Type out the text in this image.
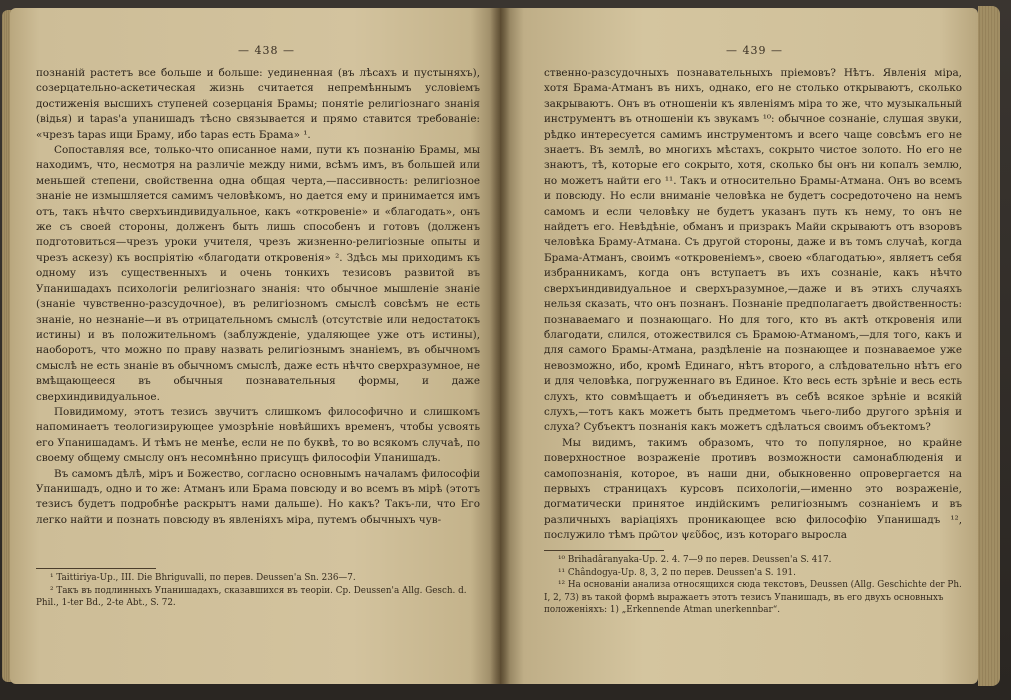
— 438 —

познаній растетъ все больше и больше: уединенная (въ лѣсахъ и пустыняхъ), созерцательно-аскетическая жизнь считается непремѣннымъ условіемъ достиженія высшихъ ступеней созерцанія Брамы; понятіе религіознаго знанія (відья) и tapas'а упанишадъ тѣсно связывается и прямо ставится требованіе: «чрезъ tapas ищи Браму, ибо tapas есть Брама» ¹.

Сопоставляя все, только-что описанное нами, пути къ познанію Брамы, мы находимъ, что, несмотря на различіе между ними, всѣмъ имъ, въ большей или меньшей степени, свойственна одна общая черта,—пассивность: религіозное знаніе не измышляется самимъ человѣкомъ, но дается ему и принимается имъ отъ, такъ нѣчто сверхъиндивидуальное, какъ «откровеніе» и «благодать», онъ же съ своей стороны, долженъ быть лишь способенъ и готовъ (долженъ подготовиться—чрезъ уроки учителя, чрезъ жизненно-религіозные опыты и чрезъ аскезу) къ воспріятію «благодати откровенія» ². Здѣсь мы приходимъ къ одному изъ существенныхъ и очень тонкихъ тезисовъ развитой въ Упанишадахъ психологіи религіознаго знанія: что обычное мышленіе знаніе (знаніе чувственно-разсудочное), въ религіозномъ смыслѣ совсѣмъ не есть знаніе, но незнаніе—и въ отрицательномъ смыслѣ (отсутствіе или недостатокъ истины) и въ положительномъ (заблужденіе, удаляющее уже отъ истины), наоборотъ, что можно по праву назвать религіознымъ знаніемъ, въ обычномъ смыслѣ не есть знаніе въ обычномъ смыслѣ, даже есть нѣчто сверхразумное, не вмѣщающееся въ обычныя познавательныя формы, и даже сверхиндивидуальное.

Повидимому, этотъ тезисъ звучитъ слишкомъ философично и слишкомъ напоминаетъ теологизирующее умозрѣніе новѣйшихъ временъ, чтобы усвоять его Упанишадамъ. И тѣмъ не менѣе, если не по буквѣ, то во всякомъ случаѣ, по своему общему смыслу онъ несомнѣнно присущъ философіи Упанишадъ.

Въ самомъ дѣлѣ, міръ и Божество, согласно основнымъ началамъ философіи Упанишадъ, одно и то же: Атманъ или Брама повсюду и во всемъ въ мірѣ (этотъ тезисъ будетъ подробнѣе раскрытъ нами дальше). Но какъ? Такъ-ли, что Его легко найти и познать повсюду въ явленіяхъ міра, путемъ обычныхъ чув-

¹ Taittiriya-Up., III. Die Bhriguvalli, по перев. Deussen'a Sn. 236—7.
² Такъ въ подлинныхъ Упанишадахъ, сказавшихся въ теоріи. Ср. Deussen'a Allg. Gesch. d. Phil., 1-ter Bd., 2-te Abt., S. 72.
— 439 —

ственно-разсудочныхъ познавательныхъ пріемовъ? Нѣтъ. Явленія міра, хотя Брама-Атманъ въ нихъ, однако, его не столько открываютъ, сколько закрываютъ. Онъ въ отношеніи къ явленіямъ міра то же, что музыкальный инструментъ въ отношеніи къ звукамъ ¹⁰: обычное сознаніе, слушая звуки, рѣдко интересуется самимъ инструментомъ и всего чаще совсѣмъ его не знаетъ. Въ землѣ, во многихъ мѣстахъ, сокрыто чистое золото. Но его не знаютъ, тѣ, которые его сокрыто, хотя, сколько бы онъ ни копалъ землю, но можетъ найти его ¹¹. Такъ и относительно Брамы-Атмана. Онъ во всемъ и повсюду. Но если вниманіе человѣка не будетъ сосредоточено на немъ самомъ и если человѣку не будетъ указанъ путь къ нему, то онъ не найдетъ его. Невѣдѣніе, обманъ и призракъ Майи скрываютъ отъ взоровъ человѣка Браму-Атмана. Съ другой стороны, даже и въ томъ случаѣ, когда Брама-Атманъ, своимъ «откровеніемъ», своею «благодатью», являетъ себя избранникамъ, когда онъ вступаетъ въ ихъ сознаніе, какъ нѣчто сверхъиндивидуальное и сверхъразумное,—даже и въ этихъ случаяхъ нельзя сказать, что онъ познанъ. Познаніе предполагаетъ двойственность: познаваемаго и познающаго. Но для того, кто въ актѣ откровенія или благодати, слился, отожествился съ Брамою-Атманомъ,—для того, какъ и для самого Брамы-Атмана, раздѣленіе на познающее и познаваемое уже невозможно, ибо, кромѣ Единаго, нѣтъ второго, а слѣдовательно нѣтъ его и для человѣка, погруженнаго въ Единое. Кто весь есть зрѣніе и весь есть слухъ, кто совмѣщаетъ и объединяетъ въ себѣ всякое зрѣніе и всякій слухъ,—тотъ какъ можетъ быть предметомъ чьего-либо другого зрѣнія и слуха? Субъектъ познанія какъ можетъ сдѣлаться своимъ объектомъ?

Мы видимъ, такимъ образомъ, что то популярное, но крайне поверхностное возраженіе противъ возможности самонаблюденія и самопознанія, которое, въ наши дни, обыкновенно опровергается на первыхъ страницахъ курсовъ психологіи,—именно это возраженіе, догматически принятое индійскимъ религіознымъ сознаніемъ и въ различныхъ варіаціяхъ проникающее всю философію Упанишадъ ¹², послужило тѣмъ πρῶτον ψεῦδος, изъ котораго выросла

¹⁰ Brihadâranyaka-Up. 2. 4. 7—9 по перев. Deussen'a S. 417.
¹¹ Chândogya-Up. 8, 3, 2 по перев. Deussen'a S. 191.
¹² На основаніи анализа относящихся сюда текстовъ, Deussen (Allg. Geschichte der Ph. I, 2, 73) въ такой формѣ выражаетъ этотъ тезисъ Упанишадъ, въ его двухъ основныхъ положеніяхъ: 1) „Erkennende Atman unerkennbar“.
